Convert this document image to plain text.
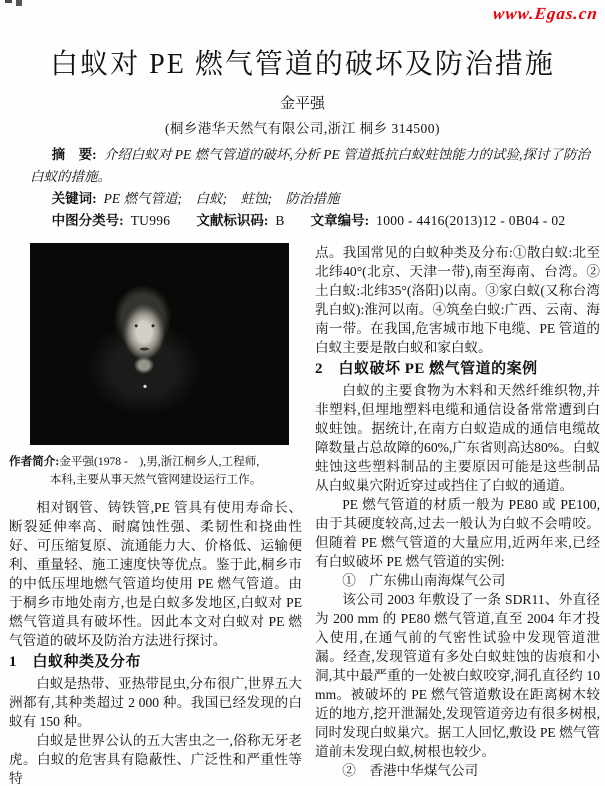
www.Egas.cn
白蚁对 PE 燃气管道的破坏及防治措施
金平强
(桐乡港华天然气有限公司,浙江 桐乡 314500)

摘　要: 介绍白蚁对 PE 燃气管道的破坏,分析 PE 管道抵抗白蚁蛀蚀能力的试验,探讨了防治白蚁的措施。

关键词: PE 燃气管道;　白蚁;　蛀蚀;　防治措施

中图分类号: TU996 文献标识码: B 文章编号: 1000 - 4416(2013)12 - 0B04 - 02

作者简介:金平强(1978 -　),男,浙江桐乡人,工程师,
本科,主要从事天然气管网建设运行工作。

相对钢管、铸铁管,PE 管具有使用寿命长、断裂延伸率高、耐腐蚀性强、柔韧性和挠曲性好、可压缩复原、流通能力大、价格低、运输便利、重量轻、施工速度快等优点。鉴于此,桐乡市的中低压埋地燃气管道均使用 PE 燃气管道。由于桐乡市地处南方,也是白蚁多发地区,白蚁对 PE 燃气管道具有破坏性。因此本文对白蚁对 PE 燃气管道的破坏及防治方法进行探讨。

1　白蚁种类及分布

白蚁是热带、亚热带昆虫,分布很广,世界五大洲都有,其种类超过 2 000 种。我国已经发现的白蚁有 150 种。

白蚁是世界公认的五大害虫之一,俗称无牙老虎。白蚁的危害具有隐蔽性、广泛性和严重性等特

点。我国常见的白蚁种类及分布:①散白蚁:北至北纬40°(北京、天津一带),南至海南、台湾。②土白蚁:北纬35°(洛阳)以南。③家白蚁(又称台湾乳白蚁):淮河以南。④筑垒白蚁:广西、云南、海南一带。在我国,危害城市地下电缆、PE 管道的白蚁主要是散白蚁和家白蚁。

2　白蚁破坏 PE 燃气管道的案例

白蚁的主要食物为木料和天然纤维织物,并非塑料,但埋地塑料电缆和通信设备常常遭到白蚁蛀蚀。据统计,在南方白蚁造成的通信电缆故障数量占总故障的60%,广东省则高达80%。白蚁蛀蚀这些塑料制品的主要原因可能是这些制品从白蚁巢穴附近穿过或挡住了白蚁的通道。

PE 燃气管道的材质一般为 PE80 或 PE100,由于其硬度较高,过去一般认为白蚁不会啃咬。但随着 PE 燃气管道的大量应用,近两年来,已经有白蚁破坏 PE 燃气管道的实例:

①　广东佛山南海煤气公司

该公司 2003 年敷设了一条 SDR11、外直径为 200 mm 的 PE80 燃气管道,直至 2004 年才投入使用,在通气前的气密性试验中发现管道泄漏。经查,发现管道有多处白蚁蛀蚀的齿痕和小洞,其中最严重的一处被白蚁咬穿,洞孔直径约 10 mm。被破坏的 PE 燃气管道敷设在距离树木较近的地方,挖开泄漏处,发现管道旁边有很多树根,同时发现白蚁巢穴。据工人回忆,敷设 PE 燃气管道前未发现白蚁,树根也较少。

②　香港中华煤气公司
